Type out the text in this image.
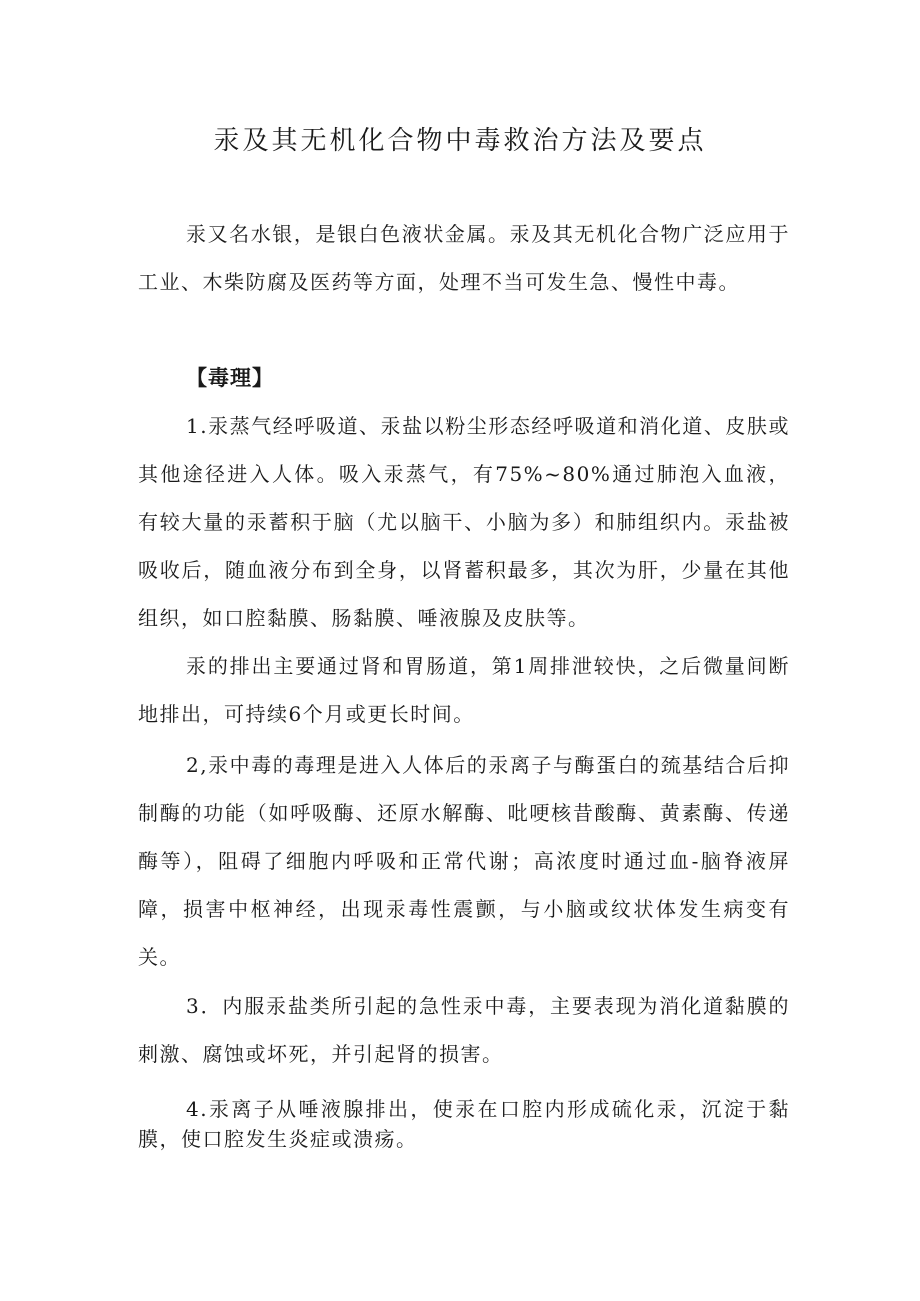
汞及其无机化合物中毒救治方法及要点

汞又名水银，是银白色液状金属。汞及其无机化合物广泛应用于工业、木柴防腐及医药等方面，处理不当可发生急、慢性中毒。

【毒理】

1.汞蒸气经呼吸道、汞盐以粉尘形态经呼吸道和消化道、皮肤或其他途径进入人体。吸入汞蒸气，有75%~80%通过肺泡入血液，有较大量的汞蓄积于脑（尤以脑干、小脑为多）和肺组织内。汞盐被吸收后，随血液分布到全身，以肾蓄积最多，其次为肝，少量在其他组织，如口腔黏膜、肠黏膜、唾液腺及皮肤等。

汞的排出主要通过肾和胃肠道，第1周排泄较快，之后微量间断地排出，可持续6个月或更长时间。

2,汞中毒的毒理是进入人体后的汞离子与酶蛋白的巯基结合后抑制酶的功能（如呼吸酶、还原水解酶、吡哽核昔酸酶、黄素酶、传递酶等），阻碍了细胞内呼吸和正常代谢；高浓度时通过血-脑脊液屏障，损害中枢神经，出现汞毒性震颤，与小脑或纹状体发生病变有关。

3．内服汞盐类所引起的急性汞中毒，主要表现为消化道黏膜的刺激、腐蚀或坏死，并引起肾的损害。

4.汞离子从唾液腺排出，使汞在口腔内形成硫化汞，沉淀于黏膜，使口腔发生炎症或溃疡。
